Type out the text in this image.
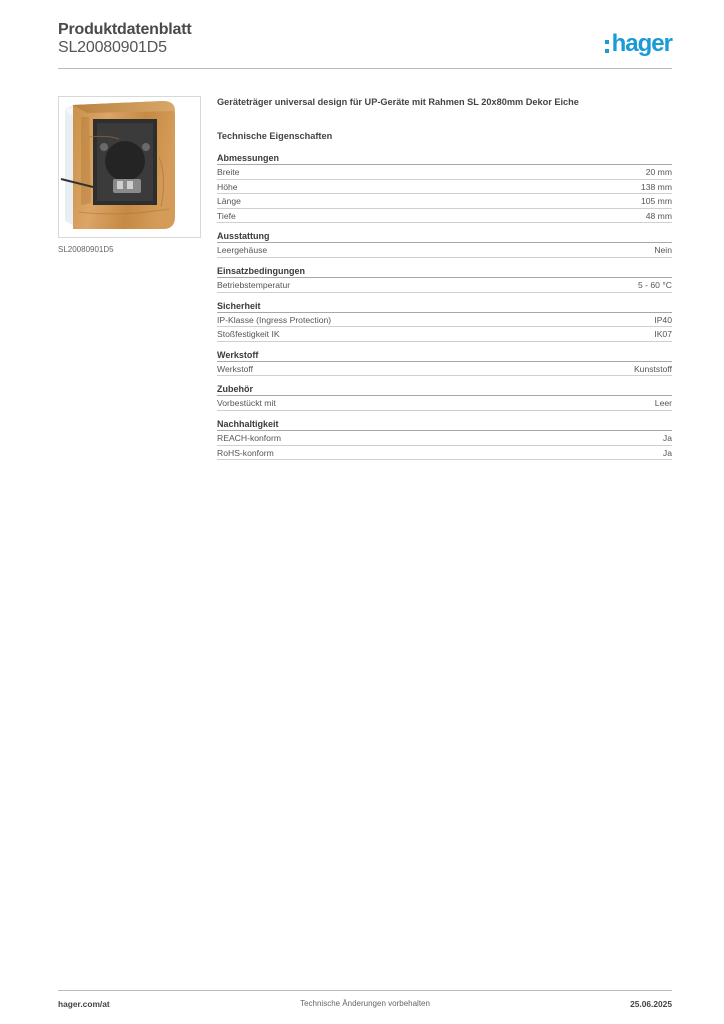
Produktdatenblatt
SL20080901D5	hager
SL20080901D5
Geräteträger universal design für UP-Geräte mit Rahmen SL 20x80mm Dekor Eiche
Technische Eigenschaften
Abmessungen
Breite	20 mm
Höhe	138 mm
Länge	105 mm
Tiefe	48 mm
Ausstattung
Leergehäuse	Nein
Einsatzbedingungen
Betriebstemperatur	5 - 60 °C
Sicherheit
IP-Klasse (Ingress Protection)	IP40
Stoßfestigkeit IK	IK07
Werkstoff
Werkstoff	Kunststoff
Zubehör
Vorbestückt mit	Leer
Nachhaltigkeit
REACH-konform	Ja
RoHS-konform	Ja
hager.com/at	Technische Änderungen vorbehalten	25.06.2025
